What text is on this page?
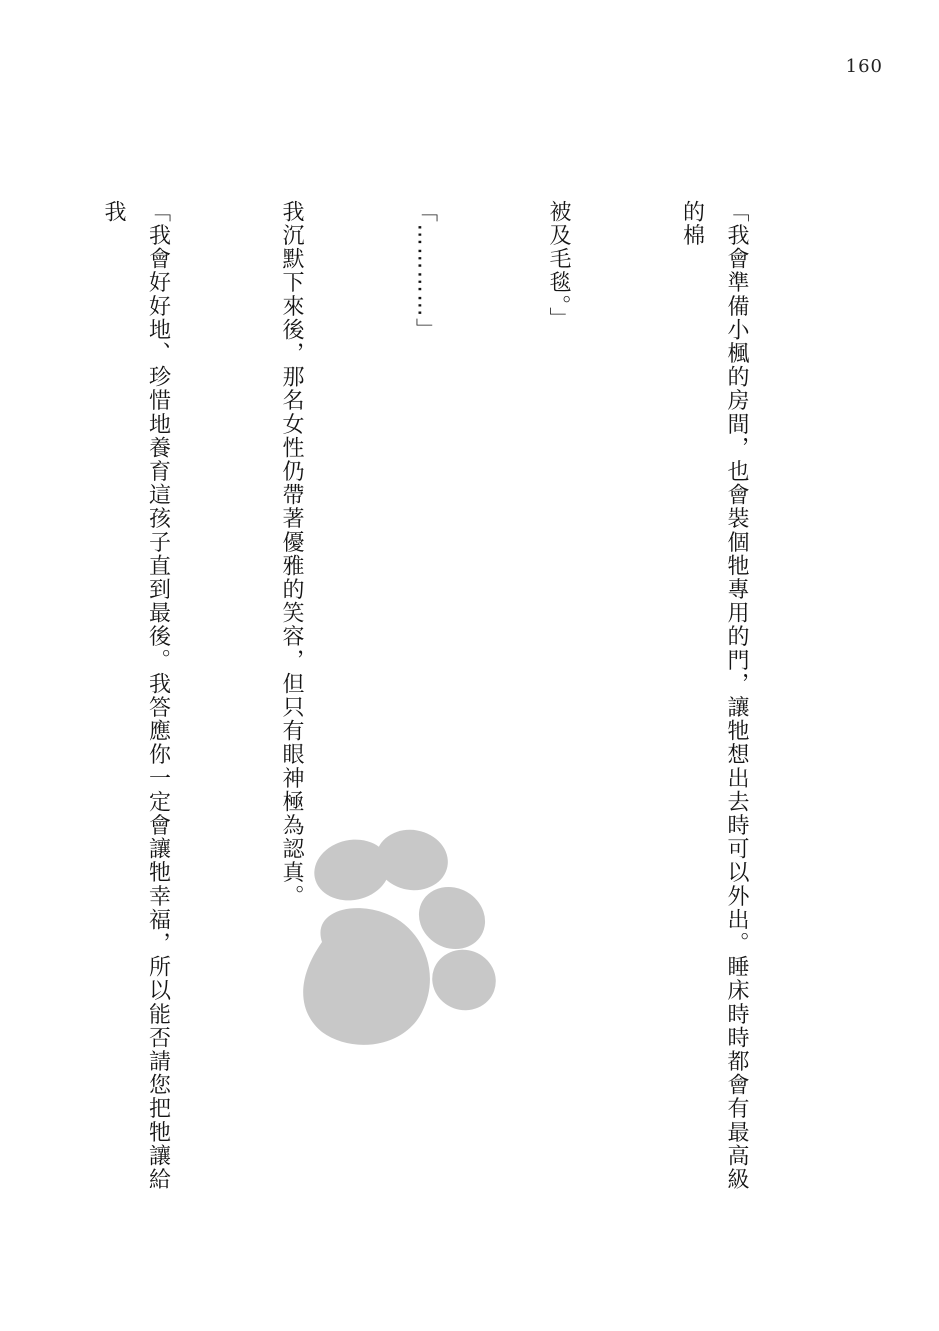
160

「我會準備小楓的房間，也會裝個牠專用的門，讓牠想出去時可以外出。睡床時時都會有最高級的棉

被及毛毯。」

「…………」

我沉默下來後，那名女性仍帶著優雅的笑容，但只有眼神極為認真。

「我會好好地、珍惜地養育這孩子直到最後。我答應你一定會讓牠幸福，所以能否請您把牠讓給我
